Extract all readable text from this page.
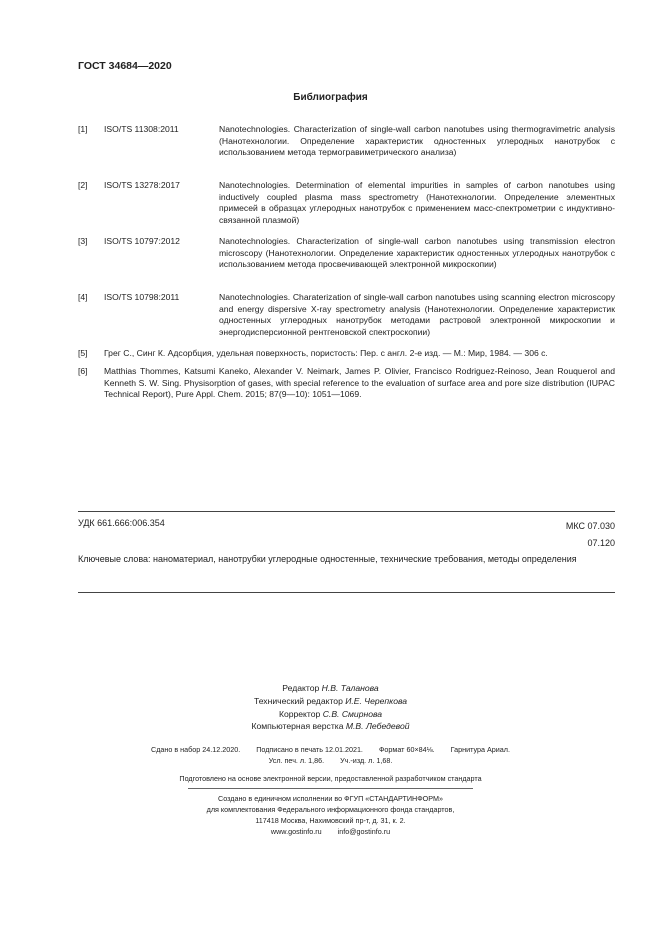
ГОСТ 34684—2020
Библиография
[1] ISO/TS 11308:2011	Nanotechnologies. Characterization of single-wall carbon nanotubes using thermogravimetric analysis (Нанотехнологии. Определение характеристик одностенных углеродных нанотрубок с использованием метода термогравиметрического анализа)
[2] ISO/TS 13278:2017	Nanotechnologies. Determination of elemental impurities in samples of carbon nanotubes using inductively coupled plasma mass spectrometry (Нанотехнологии. Определение элементных примесей в образцах углеродных нанотрубок с применением масс-спектрометрии с индуктивно-связанной плазмой)
[3] ISO/TS 10797:2012	Nanotechnologies. Characterization of single-wall carbon nanotubes using transmission electron microscopy (Нанотехнологии. Определение характеристик одностенных углеродных нанотрубок с использованием метода просвечивающей электронной микроскопии)
[4] ISO/TS 10798:2011	Nanotechnologies. Charaterization of single-wall carbon nanotubes using scanning electron microscopy and energy dispersive X-ray spectrometry analysis (Нанотехнологии. Определение характеристик одностенных углеродных нанотрубок методами растровой электронной микроскопии и энергодисперсионной рентгеновской спектроскопии)
[5] Грег С., Синг К. Адсорбция, удельная поверхность, пористость: Пер. с англ. 2-е изд. — М.: Мир, 1984. — 306 с.
[6] Matthias Thommes, Katsumi Kaneko, Alexander V. Neimark, James P. Olivier, Francisco Rodriguez-Reinoso, Jean Rouquerol and Kenneth S. W. Sing. Physisorption of gases, with special reference to the evaluation of surface area and pore size distribution (IUPAC Technical Report), Pure Appl. Chem. 2015; 87(9—10): 1051—1069.
УДК 661.666:006.354	МКС 07.030
07.120
Ключевые слова: наноматериал, нанотрубки углеродные одностенные, технические требования, методы определения
Редактор Н.В. Таланова
Технический редактор И.Е. Черепкова
Корректор С.В. Смирнова
Компьютерная верстка М.В. Лебедевой
Сдано в набор 24.12.2020. Подписано в печать 12.01.2021. Формат 60×84⅛. Гарнитура Ариал.
Усл. печ. л. 1,86. Уч.-изд. л. 1,68.
Подготовлено на основе электронной версии, предоставленной разработчиком стандарта
Создано в единичном исполнении во ФГУП «СТАНДАРТИНФОРМ»
для комплектования Федерального информационного фонда стандартов,
117418 Москва, Нахимовский пр-т, д. 31, к. 2.
www.gostinfo.ru info@gostinfo.ru
